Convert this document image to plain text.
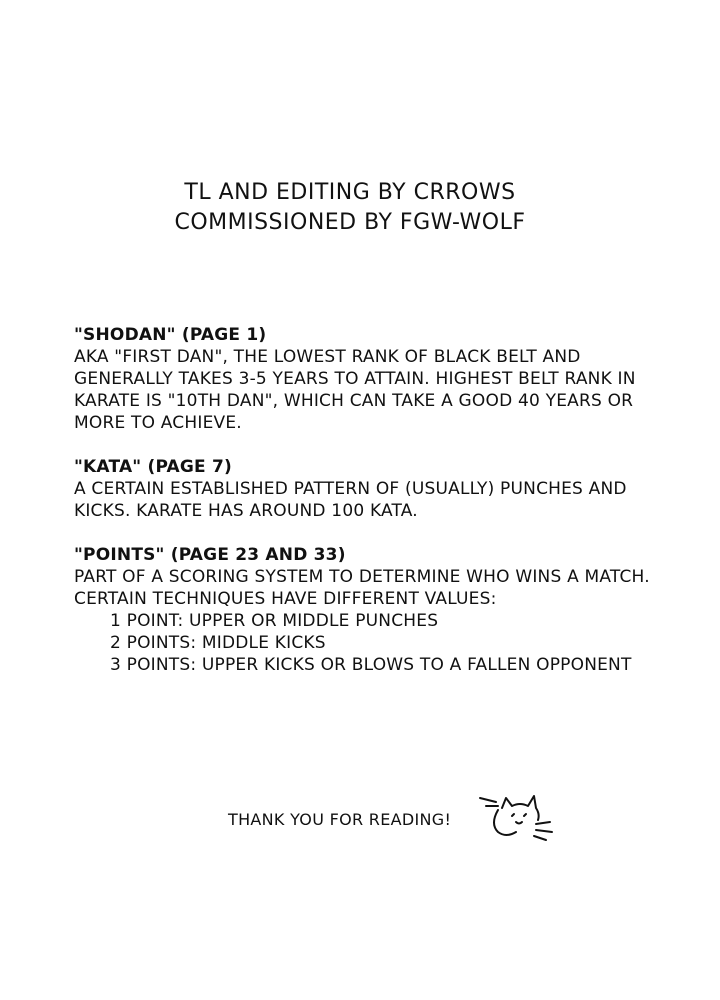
TL AND EDITING BY CRROWS
COMMISSIONED BY FGW-WOLF
"SHODAN" (PAGE 1)
AKA "FIRST DAN", THE LOWEST RANK OF BLACK BELT AND
GENERALLY TAKES 3-5 YEARS TO ATTAIN. HIGHEST BELT RANK IN
KARATE IS "10TH DAN", WHICH CAN TAKE A GOOD 40 YEARS OR
MORE TO ACHIEVE.
"KATA" (PAGE 7)
A CERTAIN ESTABLISHED PATTERN OF (USUALLY) PUNCHES AND
KICKS. KARATE HAS AROUND 100 KATA.
"POINTS" (PAGE 23 AND 33)
PART OF A SCORING SYSTEM TO DETERMINE WHO WINS A MATCH.
CERTAIN TECHNIQUES HAVE DIFFERENT VALUES:
1 POINT: UPPER OR MIDDLE PUNCHES
2 POINTS: MIDDLE KICKS
3 POINTS: UPPER KICKS OR BLOWS TO A FALLEN OPPONENT
THANK YOU FOR READING!
